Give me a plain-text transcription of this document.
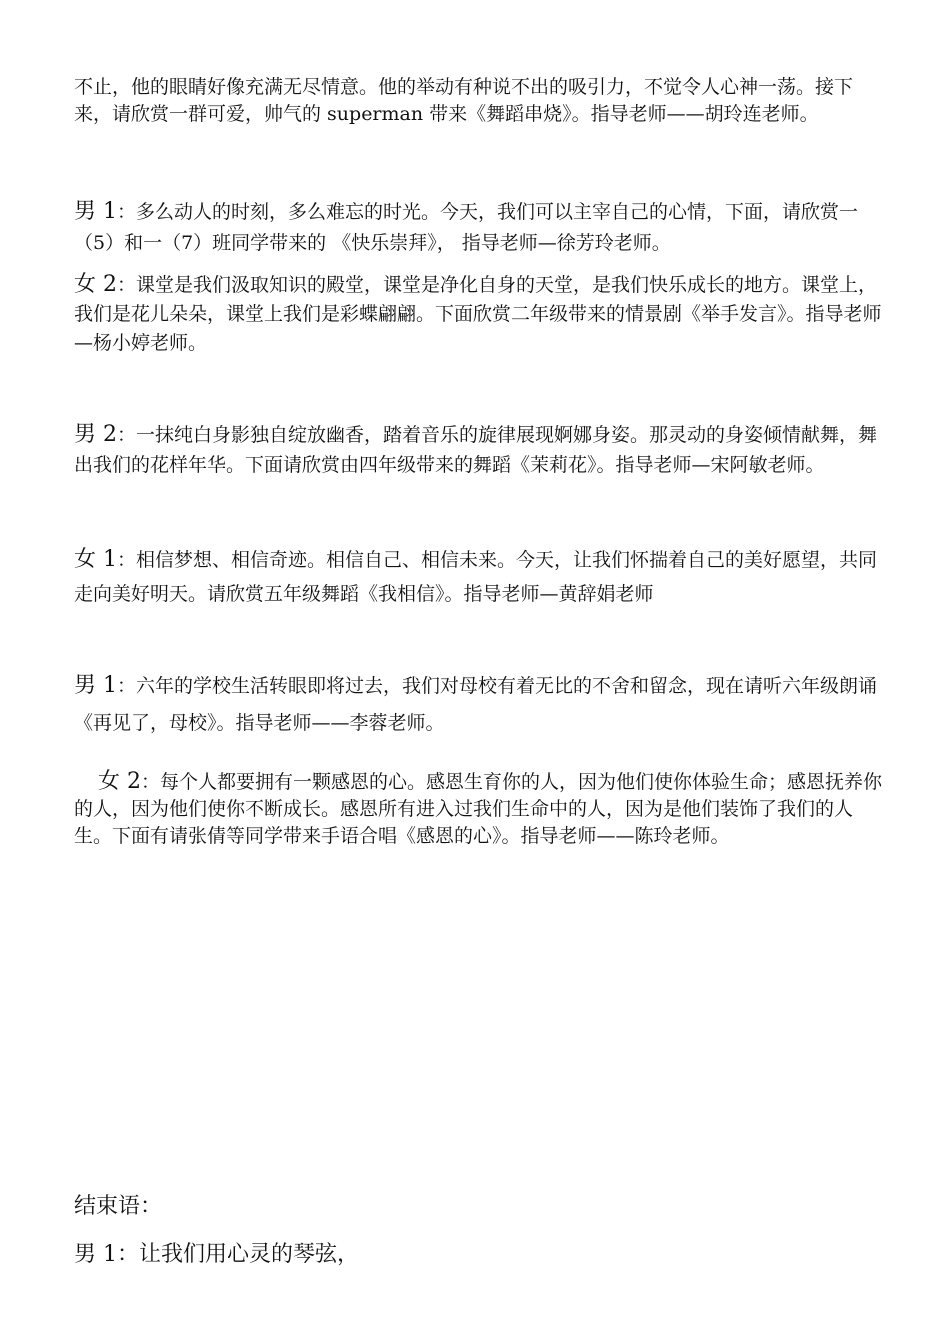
不止，他的眼睛好像充满无尽情意。他的举动有种说不出的吸引力，不觉令人心神一荡。接下来，请欣赏一群可爱，帅气的 superman 带来《舞蹈串烧》。指导老师——胡玲连老师。

男 1：多么动人的时刻，多么难忘的时光。今天，我们可以主宰自己的心情，下面，请欣赏一（5）和一（7）班同学带来的 《快乐崇拜》， 指导老师—徐芳玲老师。

女 2：课堂是我们汲取知识的殿堂，课堂是净化自身的天堂，是我们快乐成长的地方。课堂上，我们是花儿朵朵，课堂上我们是彩蝶翩翩。下面欣赏二年级带来的情景剧《举手发言》。指导老师—杨小婷老师。

男 2：一抹纯白身影独自绽放幽香，踏着音乐的旋律展现婀娜身姿。那灵动的身姿倾情献舞，舞出我们的花样年华。下面请欣赏由四年级带来的舞蹈《茉莉花》。指导老师—宋阿敏老师。

女 1：相信梦想、相信奇迹。相信自己、相信未来。今天，让我们怀揣着自己的美好愿望，共同走向美好明天。请欣赏五年级舞蹈《我相信》。指导老师—黄辞娟老师

男 1：六年的学校生活转眼即将过去，我们对母校有着无比的不舍和留念，现在请听六年级朗诵《再见了，母校》。指导老师——李蓉老师。

女 2：每个人都要拥有一颗感恩的心。感恩生育你的人，因为他们使你体验生命；感恩抚养你的人，因为他们使你不断成长。感恩所有进入过我们生命中的人，因为是他们装饰了我们的人生。下面有请张倩等同学带来手语合唱《感恩的心》。指导老师——陈玲老师。

结束语：
男 1：让我们用心灵的琴弦，
